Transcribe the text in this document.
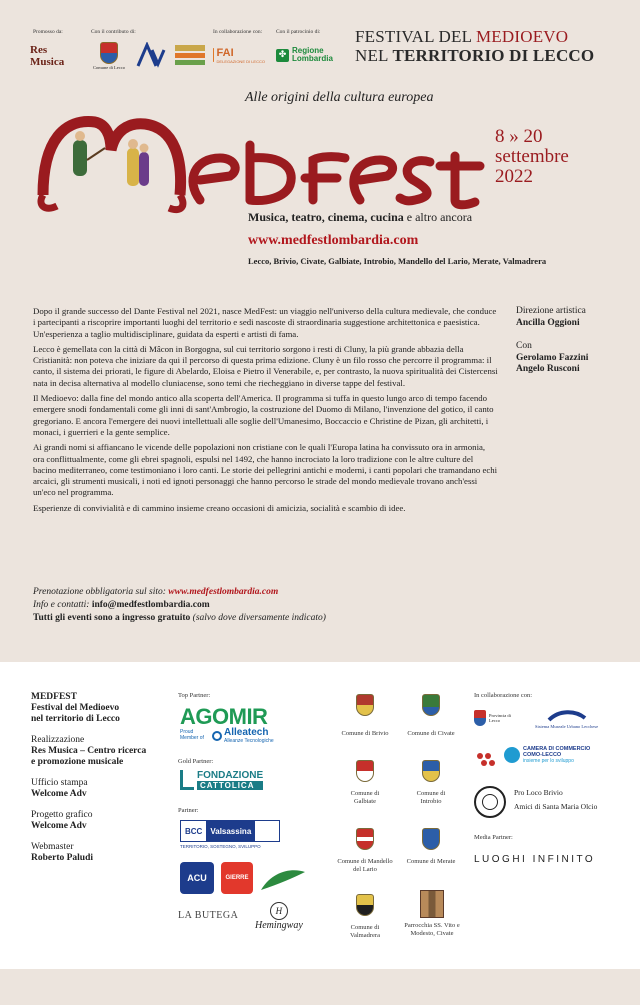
Promosso da:	Con il contributo di:	In collaborazione con:	Con il patrocinio di:
Res Musica	Comune di Lecco
FAI
DELEGAZIONE DI LECCO
✤ Regione Lombardia
FESTIVAL DEL MEDIOEVO
NEL TERRITORIO DI LECCO
Alle origini della cultura europea
8 » 20
settembre
2022
Musica, teatro, cinema, cucina e altro ancora
www.medfestlombardia.com
Lecco, Brivio, Civate, Galbiate, Introbio, Mandello del Lario, Merate, Valmadrera

Dopo il grande successo del Dante Festival nel 2021, nasce MedFest: un viaggio nell'universo della cultura medievale, che conduce i partecipanti a riscoprire importanti luoghi del territorio e sedi nascoste di straordinaria suggestione architettonica e paesistica. Un'esperienza a taglio multidisciplinare, guidata da esperti e artisti di fama.

Lecco è gemellata con la città di Mâcon in Borgogna, sul cui territorio sorgono i resti di Cluny, la più grande abbazia della Cristianità: non poteva che iniziare da qui il percorso di questa prima edizione. Cluny è un filo rosso che percorre il programma: il canto, il sistema dei priorati, le figure di Abelardo, Eloisa e Pietro il Venerabile, e, per contrasto, la nuova spiritualità dei Cistercensi nata in decisa alternativa al modello cluniacense, sono temi che riecheggiano in diverse tappe del festival.

Il Medioevo: dalla fine del mondo antico alla scoperta dell'America. Il programma si tuffa in questo lungo arco di tempo facendo emergere snodi fondamentali come gli inni di sant'Ambrogio, la costruzione del Duomo di Milano, l'invenzione del gotico, il canto gregoriano. E ancora l'emergere dei nuovi intellettuali alle soglie dell'Umanesimo, Boccaccio e Christine de Pizan, gli architetti, i monaci, i guerrieri e la gente semplice.

Ai grandi nomi si affiancano le vicende delle popolazioni non cristiane con le quali l'Europa latina ha convissuto ora in armonia, ora conflittualmente, come gli ebrei spagnoli, espulsi nel 1492, che hanno incrociato la loro tradizione con le altre culture del bacino mediterraneo, come testimoniano i loro canti. Le storie dei pellegrini antichi e moderni, i canti popolari che tramandano echi arcaici, gli strumenti musicali, i noti ed ignoti personaggi che hanno percorso le strade del mondo medievale trovano anch'essi un'eco nel programma.

Esperienze di convivialità e di cammino insieme creano occasioni di amicizia, socialità e scambio di idee.

Direzione artistica
Ancilla Oggioni
Con
Gerolamo Fazzini
Angelo Rusconi
Prenotazione obbligatoria sul sito: www.medfestlombardia.com
Info e contatti: info@medfestlombardia.com
Tutti gli eventi sono a ingresso gratuito (salvo dove diversamente indicato)
MEDFEST
Festival del Medioevo
nel territorio di Lecco
Realizzazione
Res Musica – Centro ricerca
e promozione musicale
Ufficio stampa
Welcome Adv
Progetto grafico
Welcome Adv
Webmaster
Roberto Paludi
Top Partner:
AGOMIR
Proud Member of	Alleatech
Alleanze Tecnologiche
Gold Partner:
FONDAZIONE
CATTOLICA
Partner:
BCC	Valsassina
TERRITORIO, SOSTEGNO, SVILUPPO
ACU	GIERRE
LA BUTEGA	H
Hemingway
Comune di Brivio	Comune di Civate
Comune di Galbiate
Comune di Introbio
Comune di Mandello del Lario
Comune di Merate
Comune di Valmadrera
Parrocchia SS. Vito e Modesto, Civate
In collaborazione con:
Provincia di Lecco
Sistema Museale Urbano Lecchese
CAMERA DI COMMERCIO
COMO-LECCO
insieme per lo sviluppo
Pro Loco Brivio
Amici di Santa Maria Olcio
Media Partner:
LUOGHI INFINITO
